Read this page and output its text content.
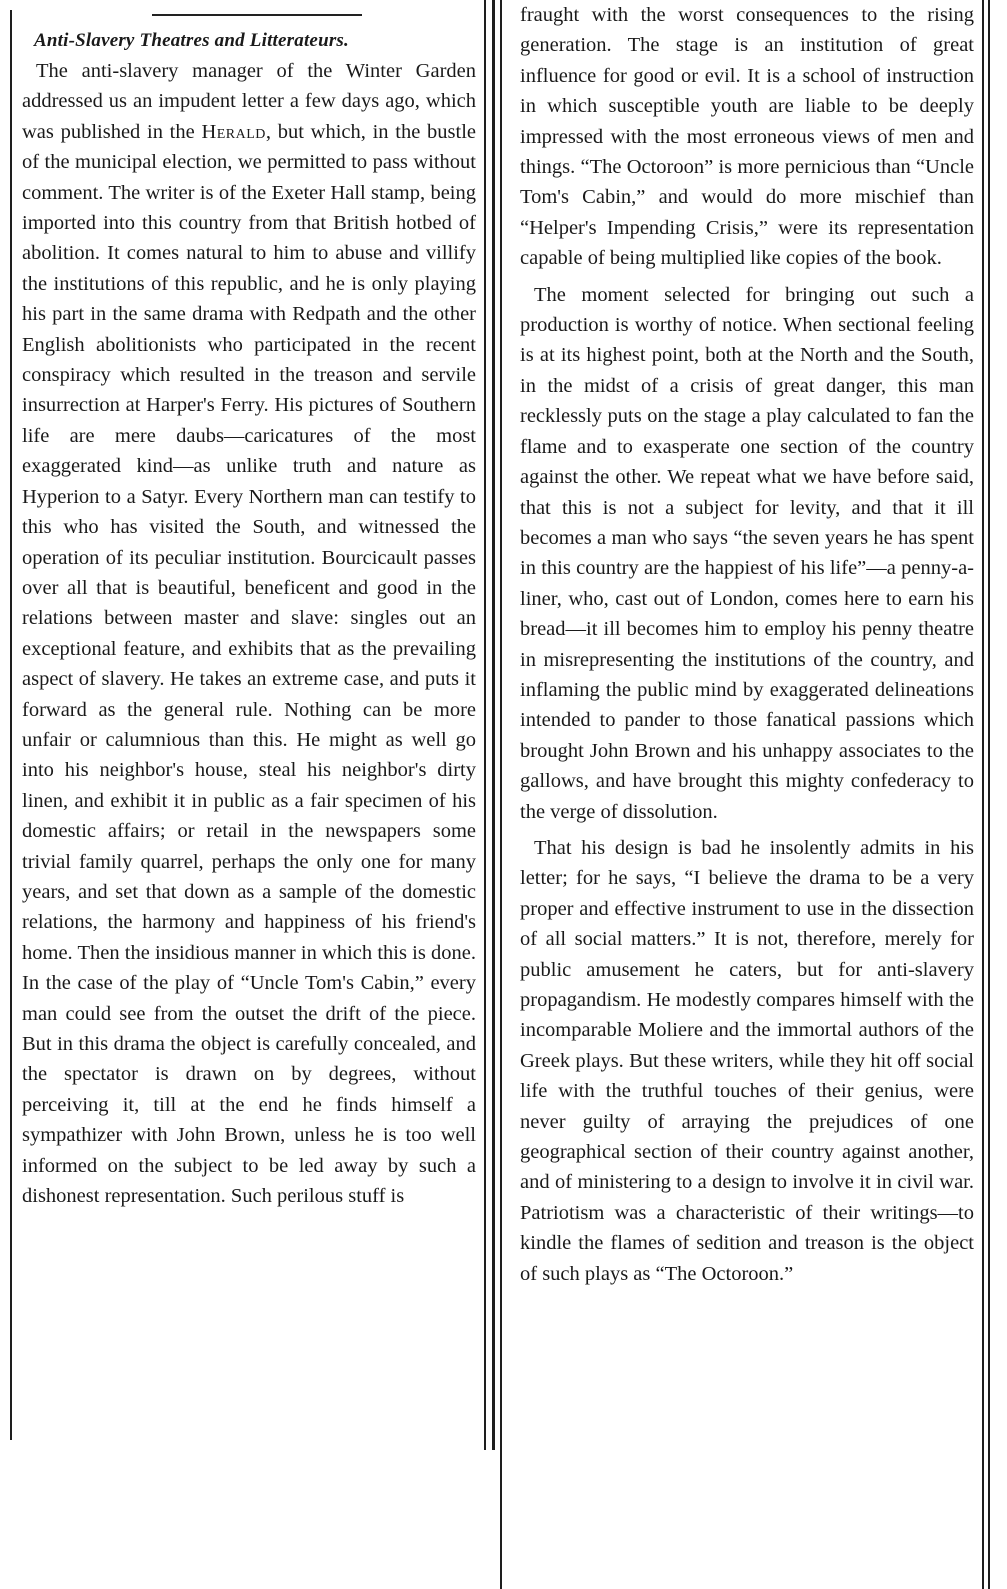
Anti-Slavery Theatres and Litterateurs.

The anti-slavery manager of the Winter Garden addressed us an impudent letter a few days ago, which was published in the Herald, but which, in the bustle of the municipal election, we permitted to pass without comment. The writer is of the Exeter Hall stamp, being imported into this country from that British hotbed of abolition. It comes natural to him to abuse and villify the institutions of this republic, and he is only playing his part in the same drama with Redpath and the other English abolitionists who participated in the recent conspiracy which resulted in the treason and servile insurrection at Harper's Ferry. His pictures of Southern life are mere daubs—caricatures of the most exaggerated kind—as unlike truth and nature as Hyperion to a Satyr. Every Northern man can testify to this who has visited the South, and witnessed the operation of its peculiar institution. Bourcicault passes over all that is beautiful, beneficent and good in the relations between master and slave: singles out an exceptional feature, and exhibits that as the prevailing aspect of slavery. He takes an extreme case, and puts it forward as the general rule. Nothing can be more unfair or calumnious than this. He might as well go into his neighbor's house, steal his neighbor's dirty linen, and exhibit it in public as a fair specimen of his domestic affairs; or retail in the newspapers some trivial family quarrel, perhaps the only one for many years, and set that down as a sample of the domestic relations, the harmony and happiness of his friend's home. Then the insidious manner in which this is done. In the case of the play of “Uncle Tom's Cabin,” every man could see from the outset the drift of the piece. But in this drama the object is carefully concealed, and the spectator is drawn on by degrees, without perceiving it, till at the end he finds himself a sympathizer with John Brown, unless he is too well informed on the subject to be led away by such a dishonest representation. Such perilous stuff is

fraught with the worst consequences to the rising generation. The stage is an institution of great influence for good or evil. It is a school of instruction in which susceptible youth are liable to be deeply impressed with the most erroneous views of men and things. “The Octoroon” is more pernicious than “Uncle Tom's Cabin,” and would do more mischief than “Helper's Impending Crisis,” were its representation capable of being multiplied like copies of the book.

The moment selected for bringing out such a production is worthy of notice. When sectional feeling is at its highest point, both at the North and the South, in the midst of a crisis of great danger, this man recklessly puts on the stage a play calculated to fan the flame and to exasperate one section of the country against the other. We repeat what we have before said, that this is not a subject for levity, and that it ill becomes a man who says “the seven years he has spent in this country are the happiest of his life”—a penny-a-liner, who, cast out of London, comes here to earn his bread—it ill becomes him to employ his penny theatre in misrepresenting the institutions of the country, and inflaming the public mind by exaggerated delineations intended to pander to those fanatical passions which brought John Brown and his unhappy associates to the gallows, and have brought this mighty confederacy to the verge of dissolution.

That his design is bad he insolently admits in his letter; for he says, “I believe the drama to be a very proper and effective instrument to use in the dissection of all social matters.” It is not, therefore, merely for public amusement he caters, but for anti-slavery propagandism. He modestly compares himself with the incomparable Moliere and the immortal authors of the Greek plays. But these writers, while they hit off social life with the truthful touches of their genius, were never guilty of arraying the prejudices of one geographical section of their country against another, and of ministering to a design to involve it in civil war. Patriotism was a characteristic of their writings—to kindle the flames of sedition and treason is the object of such plays as “The Octoroon.”
